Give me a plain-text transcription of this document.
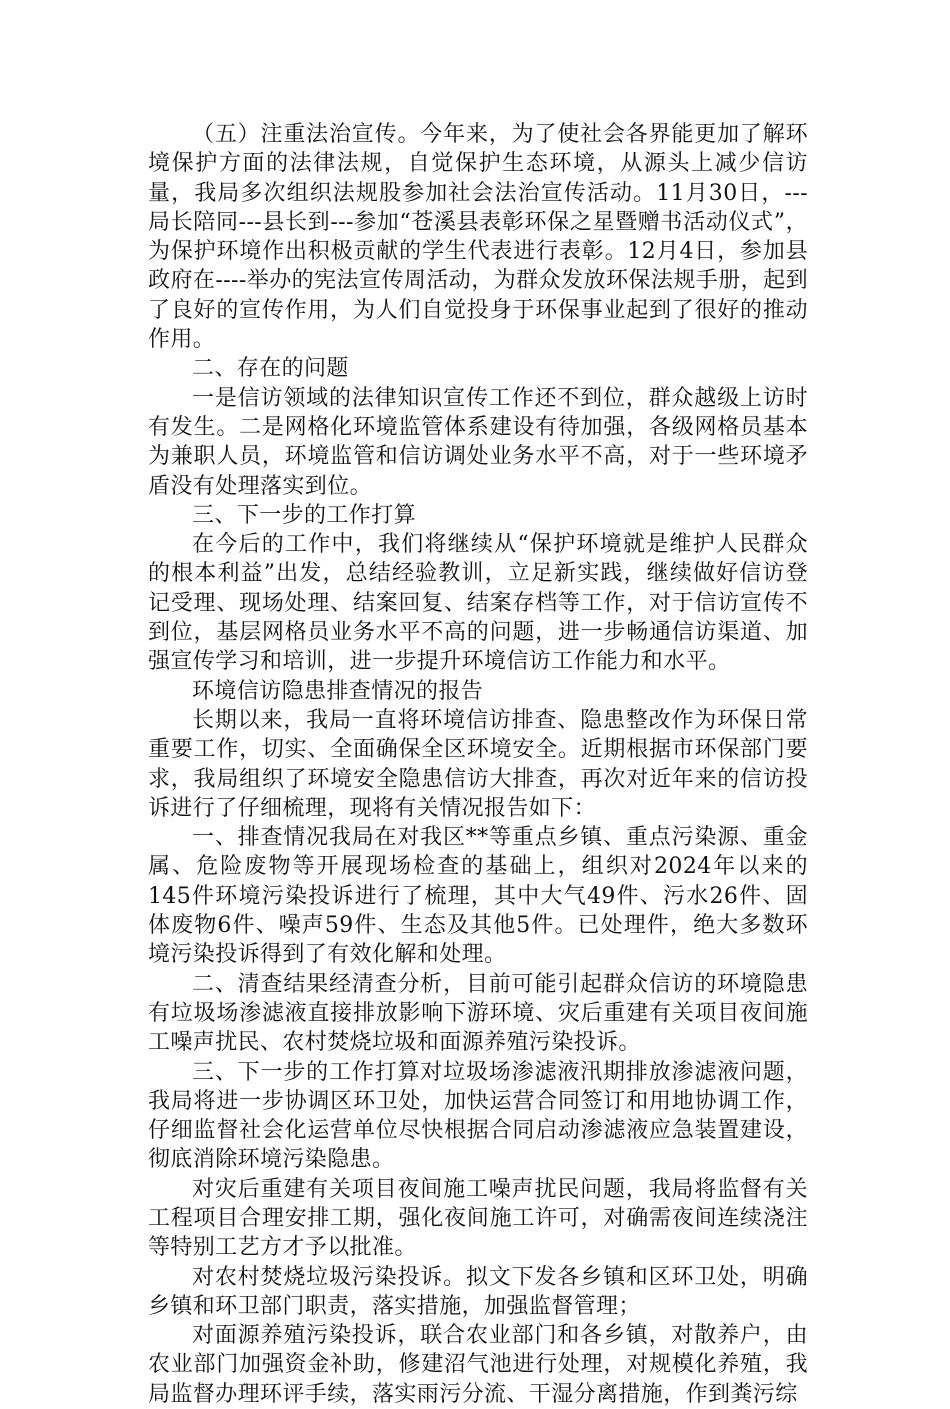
（五）注重法治宣传。今年来，为了使社会各界能更加了解环境保护方面的法律法规，自觉保护生态环境，从源头上减少信访量，我局多次组织法规股参加社会法治宣传活动。11月30日，---局长陪同---县长到---参加“苍溪县表彰环保之星暨赠书活动仪式”，为保护环境作出积极贡献的学生代表进行表彰。12月4日，参加县政府在----举办的宪法宣传周活动，为群众发放环保法规手册，起到了良好的宣传作用，为人们自觉投身于环保事业起到了很好的推动作用。

二、存在的问题

一是信访领域的法律知识宣传工作还不到位，群众越级上访时有发生。二是网格化环境监管体系建设有待加强，各级网格员基本为兼职人员，环境监管和信访调处业务水平不高，对于一些环境矛盾没有处理落实到位。

三、下一步的工作打算

在今后的工作中，我们将继续从“保护环境就是维护人民群众的根本利益”出发，总结经验教训，立足新实践，继续做好信访登记受理、现场处理、结案回复、结案存档等工作，对于信访宣传不到位，基层网格员业务水平不高的问题，进一步畅通信访渠道、加强宣传学习和培训，进一步提升环境信访工作能力和水平。

环境信访隐患排查情况的报告

长期以来，我局一直将环境信访排查、隐患整改作为环保日常重要工作，切实、全面确保全区环境安全。近期根据市环保部门要求，我局组织了环境安全隐患信访大排查，再次对近年来的信访投诉进行了仔细梳理，现将有关情况报告如下：

一、排查情况我局在对我区**等重点乡镇、重点污染源、重金属、危险废物等开展现场检查的基础上，组织对2024年以来的145件环境污染投诉进行了梳理，其中大气49件、污水26件、固体废物6件、噪声59件、生态及其他5件。已处理件，绝大多数环境污染投诉得到了有效化解和处理。

二、清查结果经清查分析，目前可能引起群众信访的环境隐患有垃圾场渗滤液直接排放影响下游环境、灾后重建有关项目夜间施工噪声扰民、农村焚烧垃圾和面源养殖污染投诉。

三、下一步的工作打算对垃圾场渗滤液汛期排放渗滤液问题，我局将进一步协调区环卫处，加快运营合同签订和用地协调工作，仔细监督社会化运营单位尽快根据合同启动渗滤液应急装置建设，彻底消除环境污染隐患。

对灾后重建有关项目夜间施工噪声扰民问题，我局将监督有关工程项目合理安排工期，强化夜间施工许可，对确需夜间连续浇注等特别工艺方才予以批准。

对农村焚烧垃圾污染投诉。拟文下发各乡镇和区环卫处，明确乡镇和环卫部门职责，落实措施，加强监督管理；

对面源养殖污染投诉，联合农业部门和各乡镇，对散养户，由农业部门加强资金补助，修建沼气池进行处理，对规模化养殖，我局监督办理环评手续，落实雨污分流、干湿分离措施，作到粪污综
